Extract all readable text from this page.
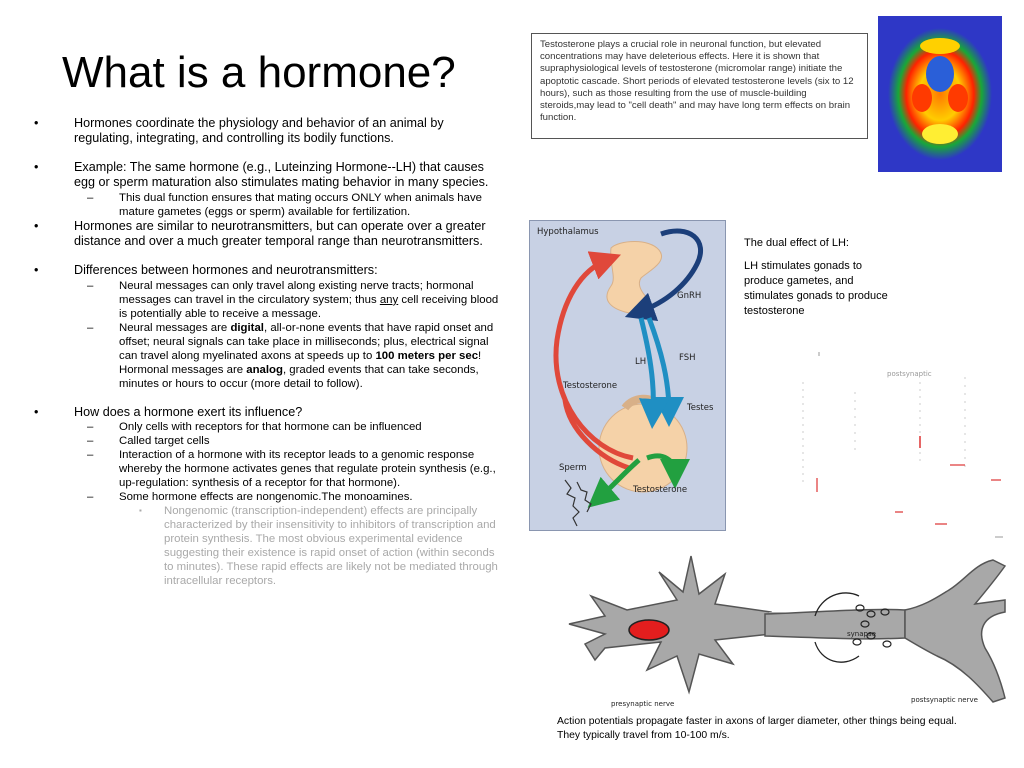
What is a hormone?

•	Hormones coordinate the physiology and behavior of an animal by regulating, integrating, and controlling its bodily functions.

•	Example: The same hormone (e.g., Luteinzing Hormone--LH) that causes egg or sperm maturation also stimulates mating behavior in many species.

– This dual function ensures that mating occurs ONLY when animals have mature gametes (eggs or sperm) available for fertilization.

•	Hormones are similar to neurotransmitters, but can operate over a greater distance and over a much greater temporal range than neurotransmitters.

•	Differences between hormones and neurotransmitters:

– Neural messages can only travel along existing nerve tracts; hormonal messages can travel in the circulatory system; thus any cell receiving blood is potentially able to receive a message.

– Neural messages are digital, all-or-none events that have rapid onset and offset; neural signals can take place in milliseconds; plus, electrical signal can travel along myelinated axons at speeds up to 100 meters per sec! Hormonal messages are analog, graded events that can take seconds, minutes or hours to occur (more detail to follow).

•	How does a hormone exert its influence?

– Only cells with receptors for that hormone can be influenced

– Called target cells

– Interaction of a hormone with its receptor leads to a genomic response whereby the hormone activates genes that regulate protein synthesis (e.g., up-regulation: synthesis of a receptor for that hormone).

– Some hormone effects are nongenomic.The monoamines.

▪ Nongenomic (transcription-independent) effects are principally characterized by their insensitivity to inhibitors of transcription and protein synthesis. The most obvious experimental evidence suggesting their existence is rapid onset of action (within seconds to minutes). These rapid effects are likely not be mediated through intracellular receptors.

Testosterone plays a crucial role in neuronal function, but elevated concentrations may have deleterious effects. Here it is shown that supraphysiological levels of testosterone (micromolar range) initiate the apoptotic cascade. Short periods of elevated testosterone levels (six to 12 hours), such as those resulting from the use of muscle-building steroids,may lead to "cell death" and may have long term effects on brain function.
Hypothalamus
GnRH
LH	FSH
Testosterone
Testes
Sperm
Testosterone

The dual effect of LH:

LH stimulates gonads to produce gametes, and stimulates gonads to produce testosterone

postsynaptic
presynaptic nerve	postsynaptic nerve
synapse
Action potentials propagate faster in axons of larger diameter, other things being equal. They typically travel from 10-100 m/s.
